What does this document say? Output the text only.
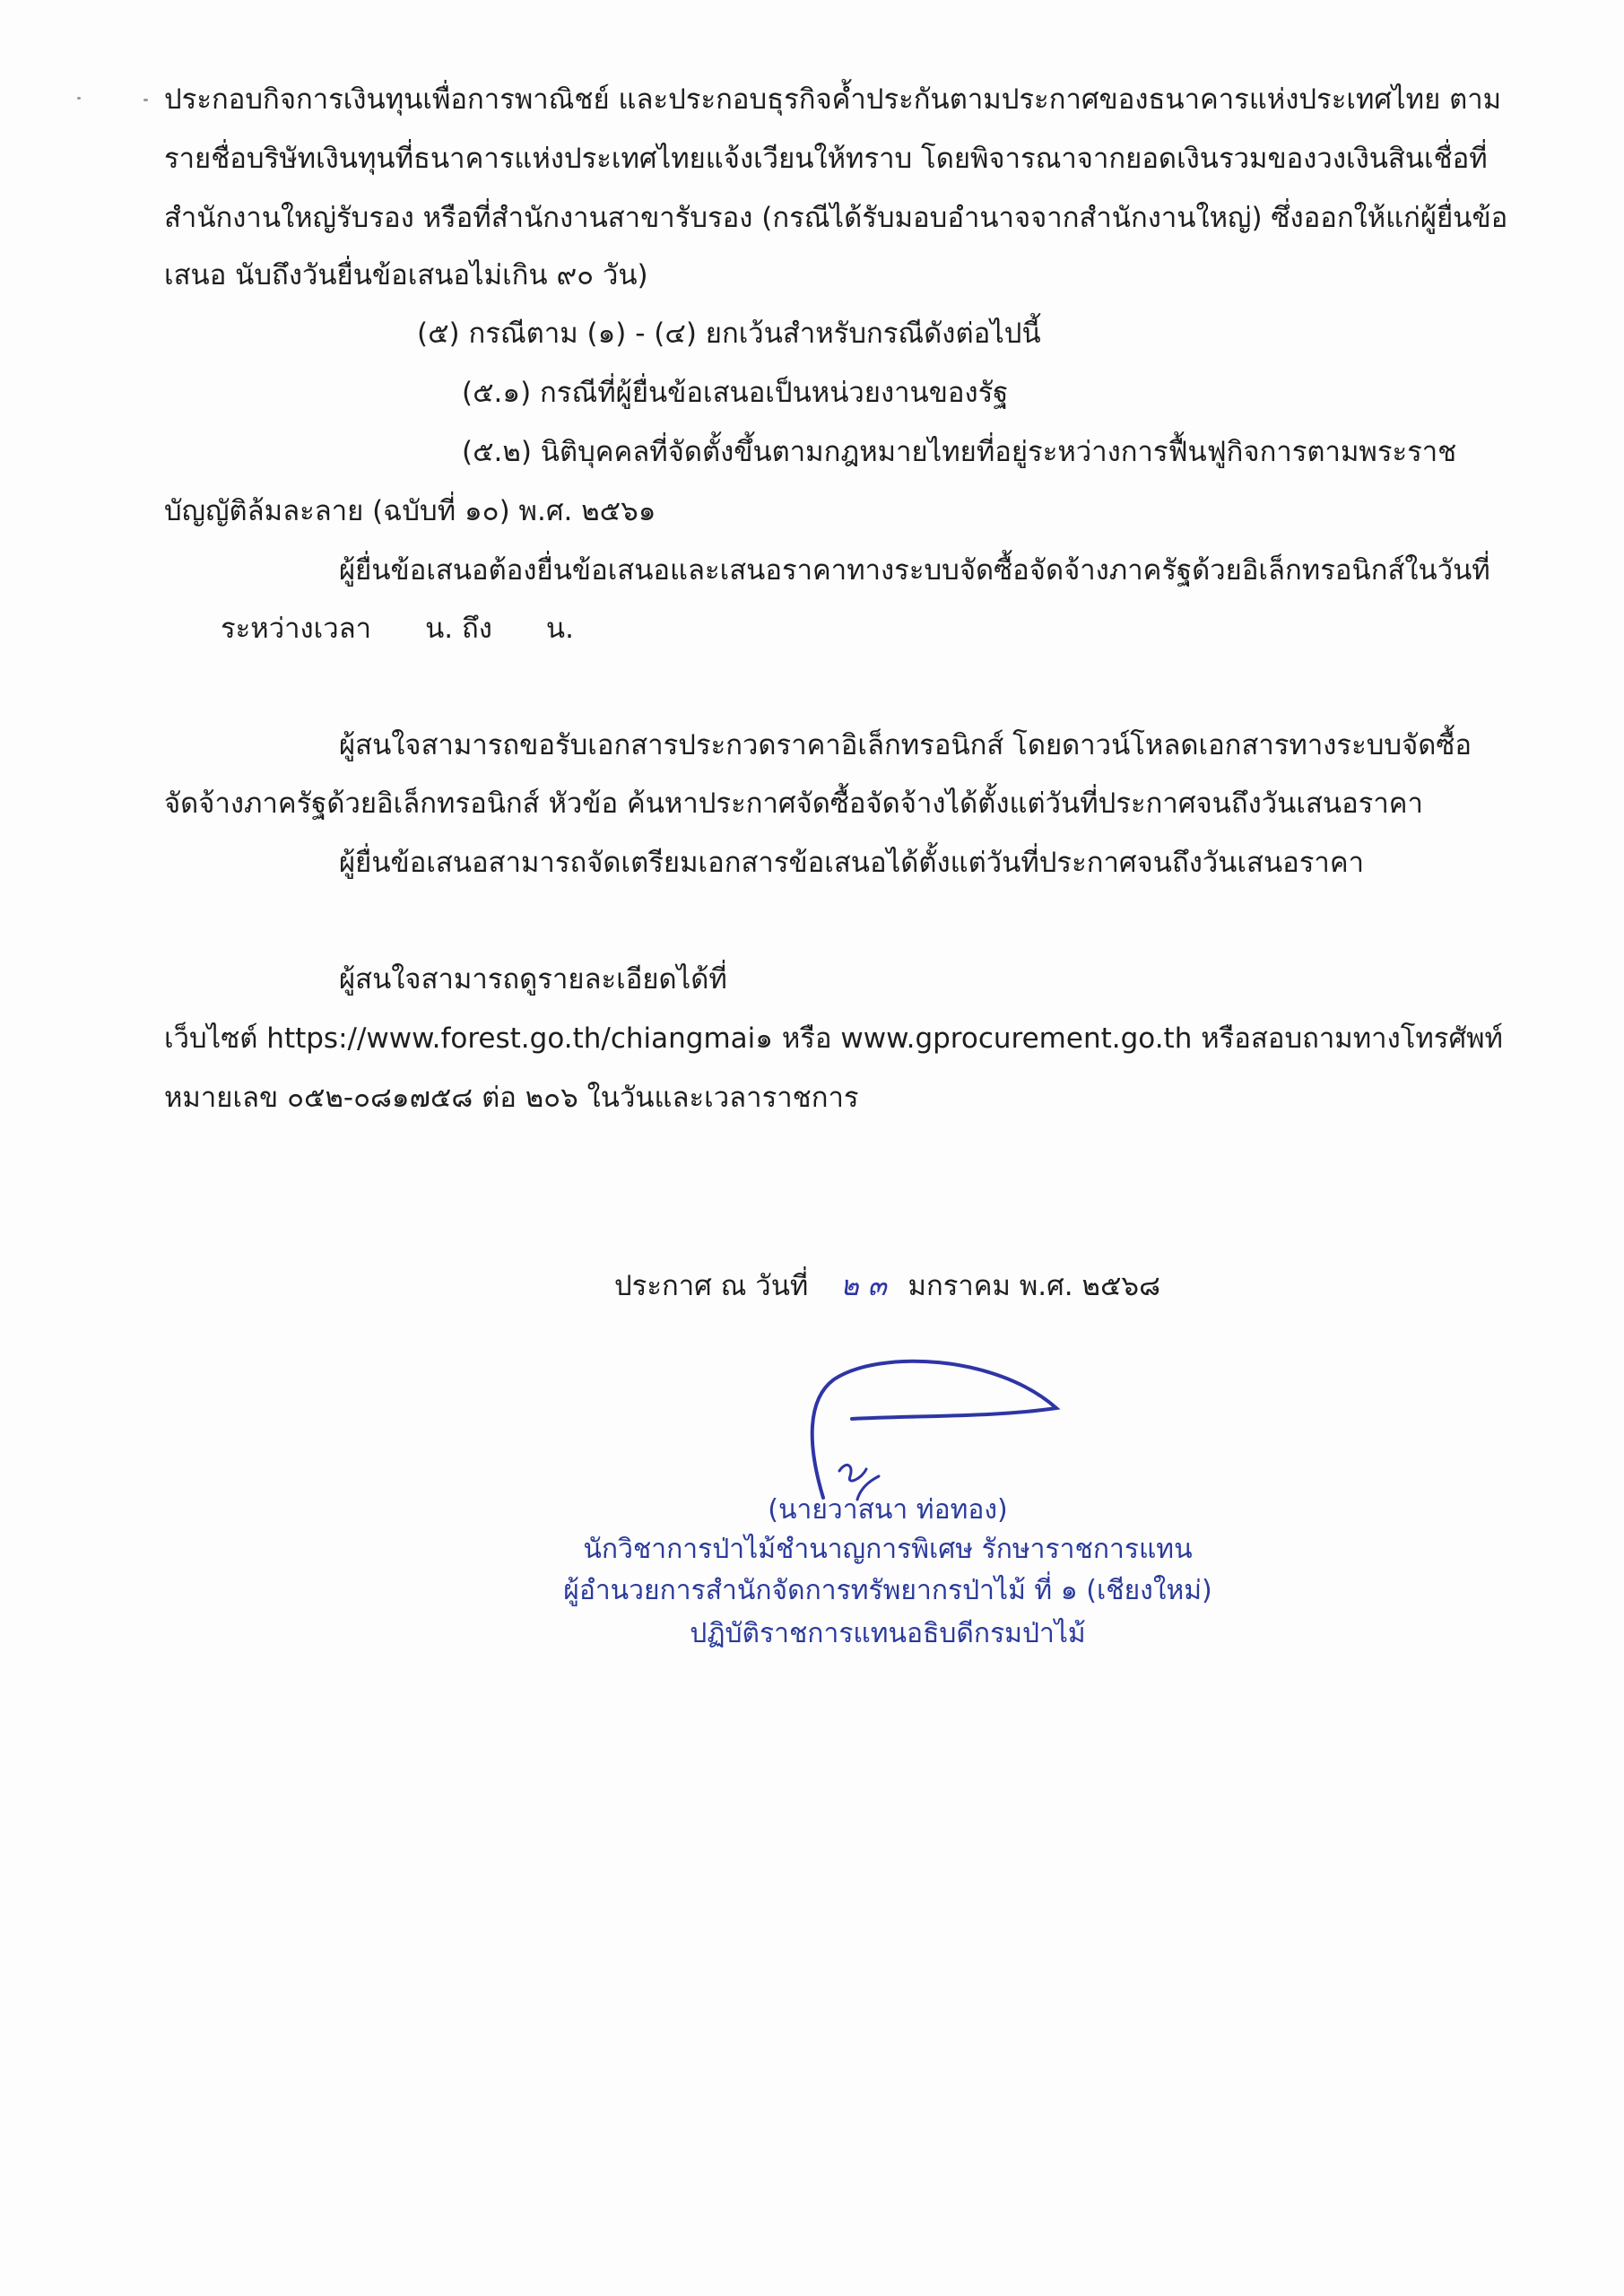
ประกอบกิจการเงินทุนเพื่อการพาณิชย์ และประกอบธุรกิจค้ำประกันตามประกาศของธนาคารแห่งประเทศไทย ตาม

รายชื่อบริษัทเงินทุนที่ธนาคารแห่งประเทศไทยแจ้งเวียนให้ทราบ โดยพิจารณาจากยอดเงินรวมของวงเงินสินเชื่อที่

สำนักงานใหญ่รับรอง หรือที่สำนักงานสาขารับรอง (กรณีได้รับมอบอำนาจจากสำนักงานใหญ่) ซึ่งออกให้แก่ผู้ยื่นข้อ

เสนอ นับถึงวันยื่นข้อเสนอไม่เกิน ๙๐ วัน)

(๕) กรณีตาม (๑) - (๔) ยกเว้นสำหรับกรณีดังต่อไปนี้

(๕.๑) กรณีที่ผู้ยื่นข้อเสนอเป็นหน่วยงานของรัฐ

(๕.๒) นิติบุคคลที่จัดตั้งขึ้นตามกฎหมายไทยที่อยู่ระหว่างการฟื้นฟูกิจการตามพระราช

บัญญัติล้มละลาย (ฉบับที่ ๑๐) พ.ศ. ๒๕๖๑

ผู้ยื่นข้อเสนอต้องยื่นข้อเสนอและเสนอราคาทางระบบจัดซื้อจัดจ้างภาครัฐด้วยอิเล็กทรอนิกส์ในวันที่

ระหว่างเวลา น. ถึง น.

ผู้สนใจสามารถขอรับเอกสารประกวดราคาอิเล็กทรอนิกส์ โดยดาวน์โหลดเอกสารทางระบบจัดซื้อ

จัดจ้างภาครัฐด้วยอิเล็กทรอนิกส์ หัวข้อ ค้นหาประกาศจัดซื้อจัดจ้างได้ตั้งแต่วันที่ประกาศจนถึงวันเสนอราคา

ผู้ยื่นข้อเสนอสามารถจัดเตรียมเอกสารข้อเสนอได้ตั้งแต่วันที่ประกาศจนถึงวันเสนอราคา

ผู้สนใจสามารถดูรายละเอียดได้ที่

เว็บไซต์ https://www.forest.go.th/chiangmai๑ หรือ www.gprocurement.go.th หรือสอบถามทางโทรศัพท์

หมายเลข ๐๕๒-๐๘๑๗๕๘ ต่อ ๒๐๖ ในวันและเวลาราชการ

ประกาศ ณ วันที่ ๒ ๓ มกราคม พ.ศ. ๒๕๖๘

(นายวาสนา ท่อทอง)

นักวิชาการป่าไม้ชำนาญการพิเศษ รักษาราชการแทน

ผู้อำนวยการสำนักจัดการทรัพยากรป่าไม้ ที่ ๑ (เชียงใหม่)

ปฏิบัติราชการแทนอธิบดีกรมป่าไม้
